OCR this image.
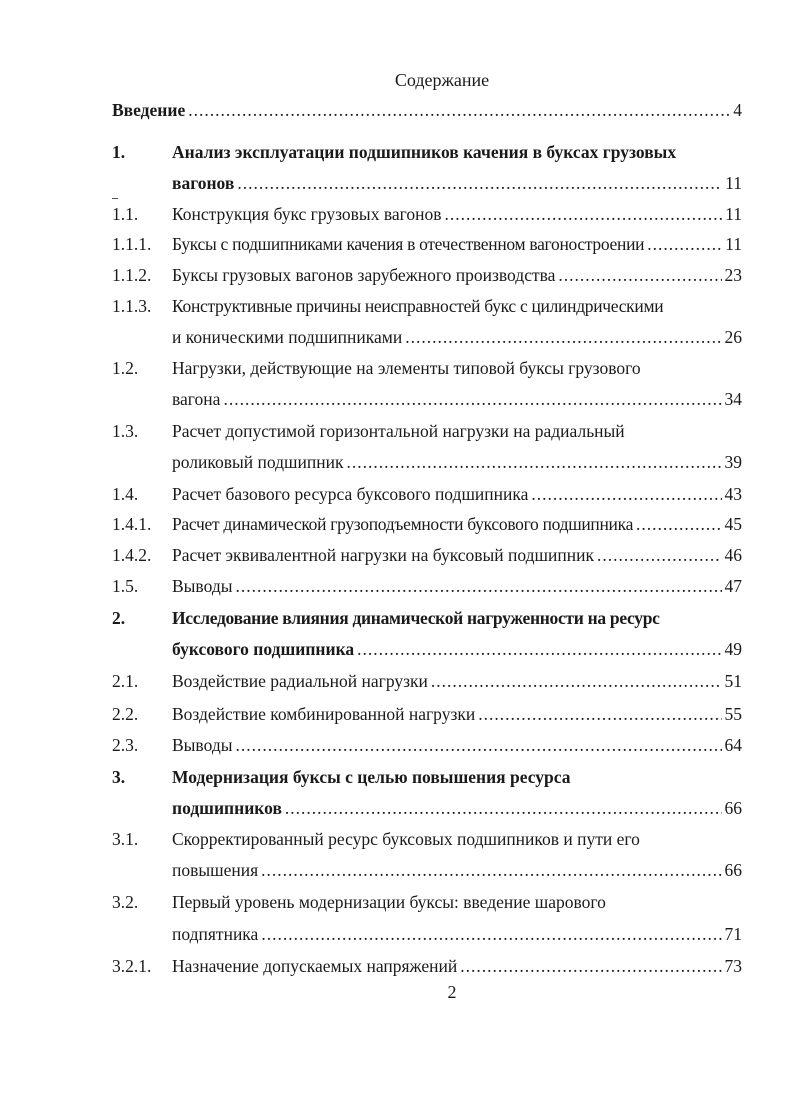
Содержание
Введение .....	4
1.	Анализ эксплуатации подшипников качения в буксах грузовых
вагонов .....	11
1.1.	Конструкция букс грузовых вагонов .....	11
1.1.1.	Буксы с подшипниками качения в отечественном вагоностроении .....	11
1.1.2.	Буксы грузовых вагонов зарубежного производства .....	23
1.1.3.	Конструктивные причины неисправностей букс с цилиндрическими
и коническими подшипниками .....	26
1.2.	Нагрузки, действующие на элементы типовой буксы грузового
вагона .....	34
1.3.	Расчет допустимой горизонтальной нагрузки на радиальный
роликовый подшипник .....	39
1.4.	Расчет базового ресурса буксового подшипника .....	43
1.4.1.	Расчет динамической грузоподъемности буксового подшипника .....	45
1.4.2.	Расчет эквивалентной нагрузки на буксовый подшипник .....	46
1.5.	Выводы .....	47
2.	Исследование влияния динамической нагруженности на ресурс
буксового подшипника .....	49
2.1.	Воздействие радиальной нагрузки .....	51
2.2.	Воздействие комбинированной нагрузки .....	55
2.3.	Выводы .....	64
3.	Модернизация буксы с целью повышения ресурса
подшипников .....	66
3.1.	Скорректированный ресурс буксовых подшипников и пути его
повышения .....	66
3.2.	Первый уровень модернизации буксы: введение шарового
подпятника .....	71
3.2.1.	Назначение допускаемых напряжений .....	73
2
